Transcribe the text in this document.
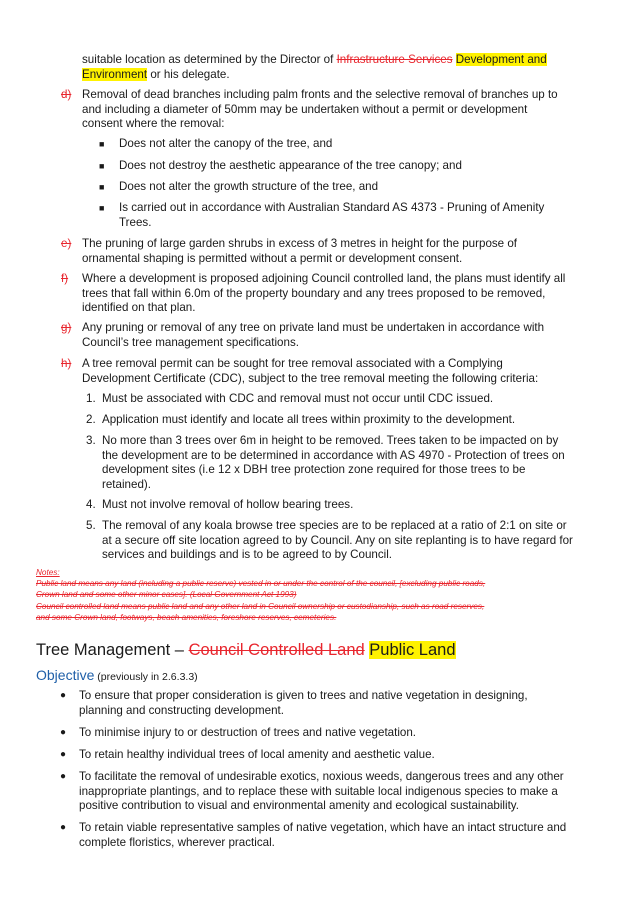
suitable location as determined by the Director of Infrastructure Services Development and
Environment or his delegate.
d) Removal of dead branches including palm fronts and the selective removal of branches up to
and including a diameter of 50mm may be undertaken without a permit or development
consent where the removal:
■ Does not alter the canopy of the tree, and
■ Does not destroy the aesthetic appearance of the tree canopy; and
■ Does not alter the growth structure of the tree, and
■ Is carried out in accordance with Australian Standard AS 4373 - Pruning of Amenity
Trees.
e) The pruning of large garden shrubs in excess of 3 metres in height for the purpose of
ornamental shaping is permitted without a permit or development consent.
f) Where a development is proposed adjoining Council controlled land, the plans must identify all
trees that fall within 6.0m of the property boundary and any trees proposed to be removed,
identified on that plan.
g) Any pruning or removal of any tree on private land must be undertaken in accordance with
Council’s tree management specifications.
h) A tree removal permit can be sought for tree removal associated with a Complying
Development Certificate (CDC), subject to the tree removal meeting the following criteria:
1. Must be associated with CDC and removal must not occur until CDC issued.
2. Application must identify and locate all trees within proximity to the development.
3. No more than 3 trees over 6m in height to be removed. Trees taken to be impacted on by
the development are to be determined in accordance with AS 4970 - Protection of trees on
development sites (i.e 12 x DBH tree protection zone required for those trees to be
retained).
4. Must not involve removal of hollow bearing trees.
5. The removal of any koala browse tree species are to be replaced at a ratio of 2:1 on site or
at a secure off site location agreed to by Council. Any on site replanting is to have regard for
services and buildings and is to be agreed to by Council.
Notes:
Public land means any land (including a public reserve) vested in or under the control of the council, [excluding public roads,
Crown land and some other minor cases]. (Local Government Act 1993)
Council controlled land means public land and any other land in Council ownership or custodianship, such as road reserves,
and some Crown land, footways, beach amenities, foreshore reserves, cemeteries.
Tree Management – Council Controlled Land Public Land
Objective (previously in 2.6.3.3)
● To ensure that proper consideration is given to trees and native vegetation in designing,
planning and constructing development.
● To minimise injury to or destruction of trees and native vegetation.
● To retain healthy individual trees of local amenity and aesthetic value.
● To facilitate the removal of undesirable exotics, noxious weeds, dangerous trees and any other
inappropriate plantings, and to replace these with suitable local indigenous species to make a
positive contribution to visual and environmental amenity and ecological sustainability.
● To retain viable representative samples of native vegetation, which have an intact structure and
complete floristics, wherever practical.
